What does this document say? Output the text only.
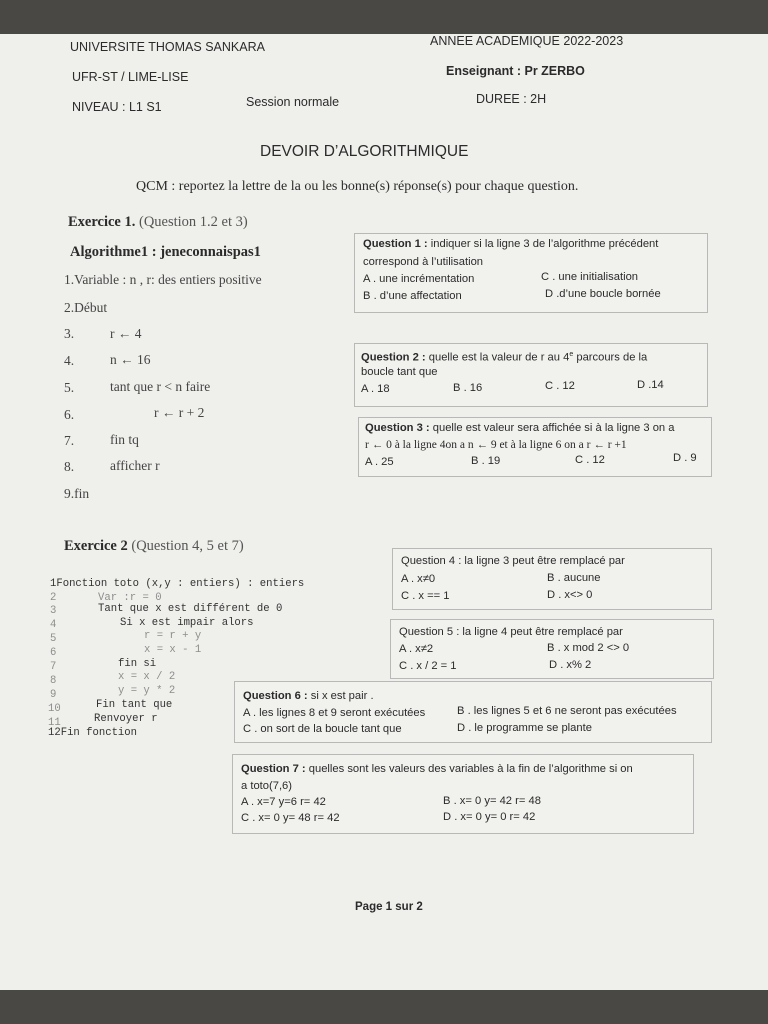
UNIVERSITE THOMAS SANKARA	ANNEE ACADEMIQUE 2022-2023
UFR-ST / LIME-LISE	Enseignant : Pr ZERBO
NIVEAU : L1 S1	Session normale	DUREE : 2H
DEVOIR D’ALGORITHMIQUE
QCM : reportez la lettre de la ou les bonne(s) réponse(s) pour chaque question.
Exercice 1. (Question 1.2 et 3)
Algorithme1 : jeneconnaispas1
1.Variable : n , r: des entiers positive
2.Début
3.	r ← 4
4.	n ← 16
5.	tant que r < n faire
6.	r ← r + 2
7.	fin tq
8.	afficher r
9.fin
Question 1 : indiquer si la ligne 3 de l’algorithme précédent
correspond à l’utilisation
A . une incrémentation	C . une initialisation
B . d’une affectation	D .d’une boucle bornée
Question 2 : quelle est la valeur de r au 4e parcours de la
boucle tant que
A . 18	B . 16	C . 12	D .14
Question 3 : quelle est valeur sera affichée si à la ligne 3 on a
r ← 0 à la ligne 4on a n ← 9 et à la ligne 6 on a r ← r +1
A . 25	B . 19	C . 12	D . 9
Exercice 2 (Question 4, 5 et 7)
1Fonction toto (x,y : entiers) : entiers
2	Var :r = 0
3	Tant que x est différent de 0
4	Si x est impair alors
5	r = r + y
6	x = x - 1
7	fin si
8	x = x / 2
9	y = y * 2
10	Fin tant que
11	Renvoyer r
12Fin fonction
Question 4 : la ligne 3 peut être remplacé par
A . x≠0	B . aucune
C . x == 1	D . x<> 0
Question 5 : la ligne 4 peut être remplacé par
A . x≠2	B . x mod 2 <> 0
C . x / 2 = 1	D . x% 2
Question 6 : si x est pair .
A . les lignes 8 et 9 seront exécutées	B . les lignes 5 et 6 ne seront pas exécutées
C . on sort de la boucle tant que	D . le programme se plante
Question 7 : quelles sont les valeurs des variables à la fin de l’algorithme si on
a toto(7,6)
A . x=7 y=6 r= 42	B . x= 0 y= 42 r= 48
C . x= 0 y= 48 r= 42	D . x= 0 y= 0 r= 42
Page 1 sur 2
